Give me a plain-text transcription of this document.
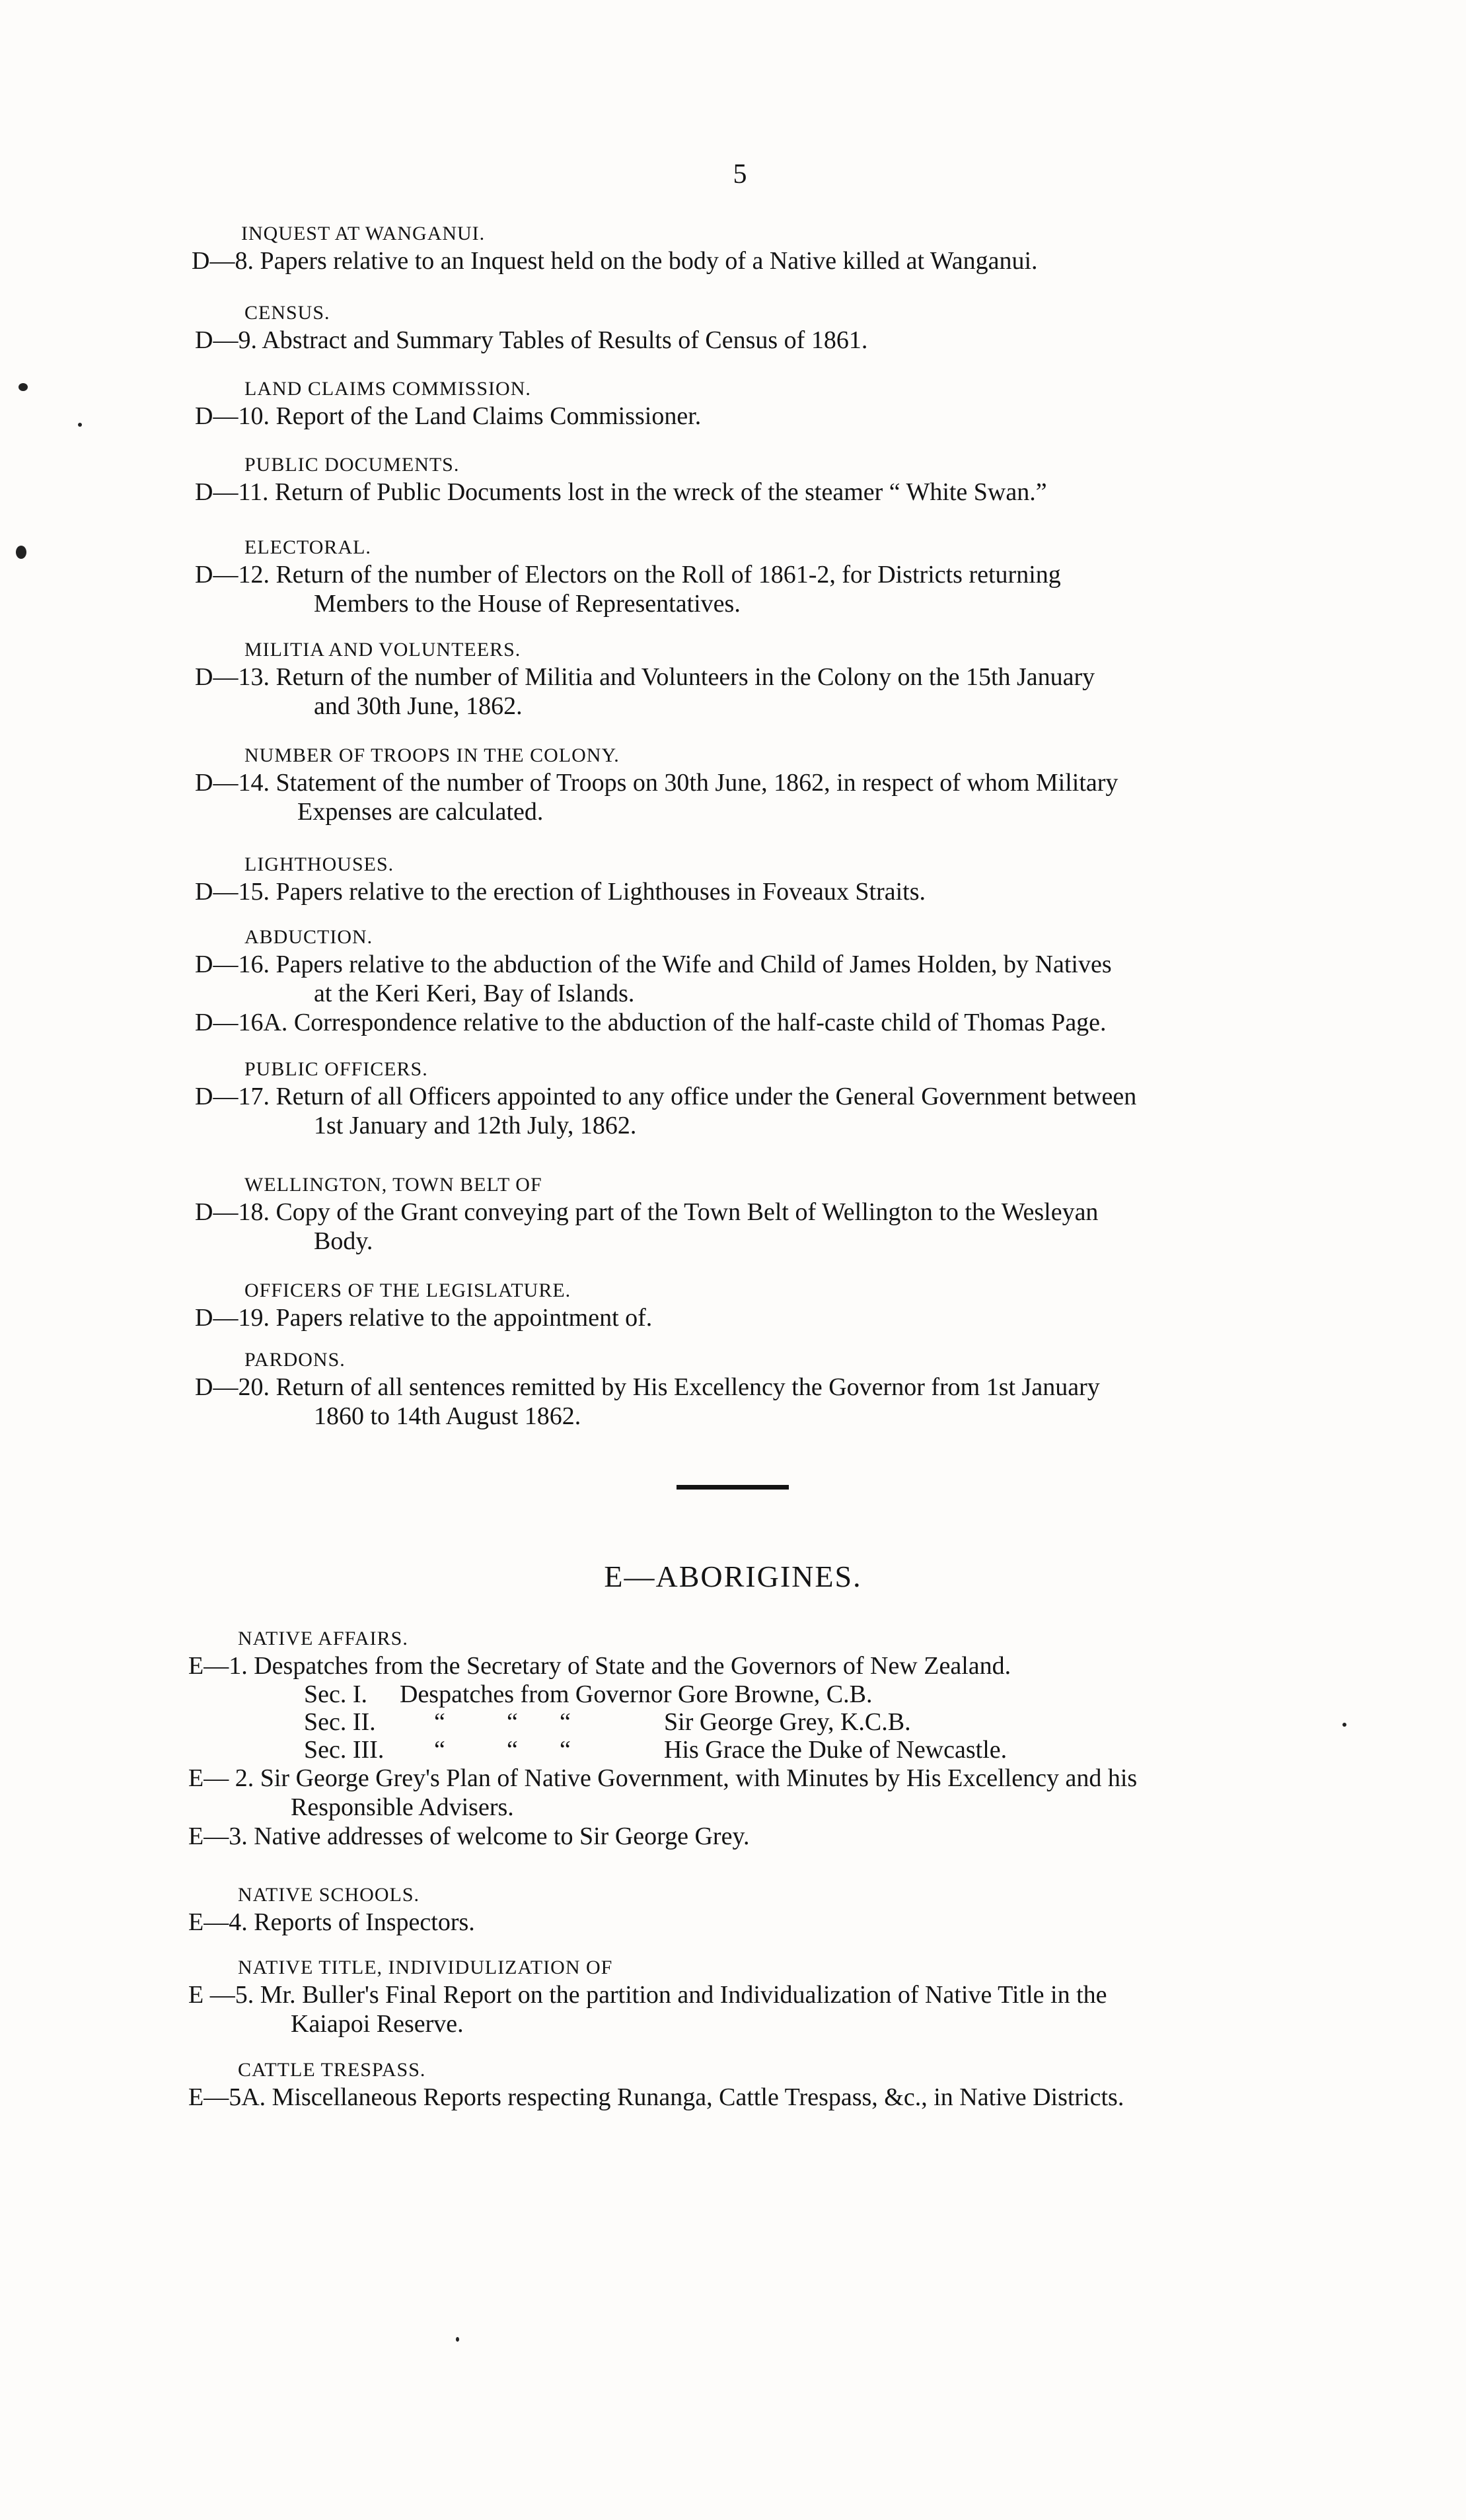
5
INQUEST AT WANGANUI.
D—8. Papers relative to an Inquest held on the body of a Native killed at Wanganui.
CENSUS.
D—9. Abstract and Summary Tables of Results of Census of 1861.
LAND CLAIMS COMMISSION.
D—10. Report of the Land Claims Commissioner.
PUBLIC DOCUMENTS.
D—11. Return of Public Documents lost in the wreck of the steamer “ White Swan.”
ELECTORAL.
D—12. Return of the number of Electors on the Roll of 1861-2, for Districts returning
Members to the House of Representatives.
MILITIA AND VOLUNTEERS.
D—13. Return of the number of Militia and Volunteers in the Colony on the 15th January
and 30th June, 1862.
NUMBER OF TROOPS IN THE COLONY.
D—14. Statement of the number of Troops on 30th June, 1862, in respect of whom Military
Expenses are calculated.
LIGHTHOUSES.
D—15. Papers relative to the erection of Lighthouses in Foveaux Straits.
ABDUCTION.
D—16. Papers relative to the abduction of the Wife and Child of James Holden, by Natives
at the Keri Keri, Bay of Islands.
D—16A. Correspondence relative to the abduction of the half-caste child of Thomas Page.
PUBLIC OFFICERS.
D—17. Return of all Officers appointed to any office under the General Government between
1st January and 12th July, 1862.
WELLINGTON, TOWN BELT OF
D—18. Copy of the Grant conveying part of the Town Belt of Wellington to the Wesleyan
Body.
OFFICERS OF THE LEGISLATURE.
D—19. Papers relative to the appointment of.
PARDONS.
D—20. Return of all sentences remitted by His Excellency the Governor from 1st January
1860 to 14th August 1862.
E—ABORIGINES.
NATIVE AFFAIRS.
E—1. Despatches from the Secretary of State and the Governors of New Zealand.
Sec. I. Despatches from Governor Gore Browne, C.B.
Sec. II. “ “ “	Sir George Grey, K.C.B.
Sec. III. “ “ “	His Grace the Duke of Newcastle.
E— 2. Sir George Grey's Plan of Native Government, with Minutes by His Excellency and his
Responsible Advisers.
E—3. Native addresses of welcome to Sir George Grey.
NATIVE SCHOOLS.
E—4. Reports of Inspectors.
NATIVE TITLE, INDIVIDULIZATION OF
E —5. Mr. Buller's Final Report on the partition and Individualization of Native Title in the
Kaiapoi Reserve.
CATTLE TRESPASS.
E—5A. Miscellaneous Reports respecting Runanga, Cattle Trespass, &c., in Native Districts.
